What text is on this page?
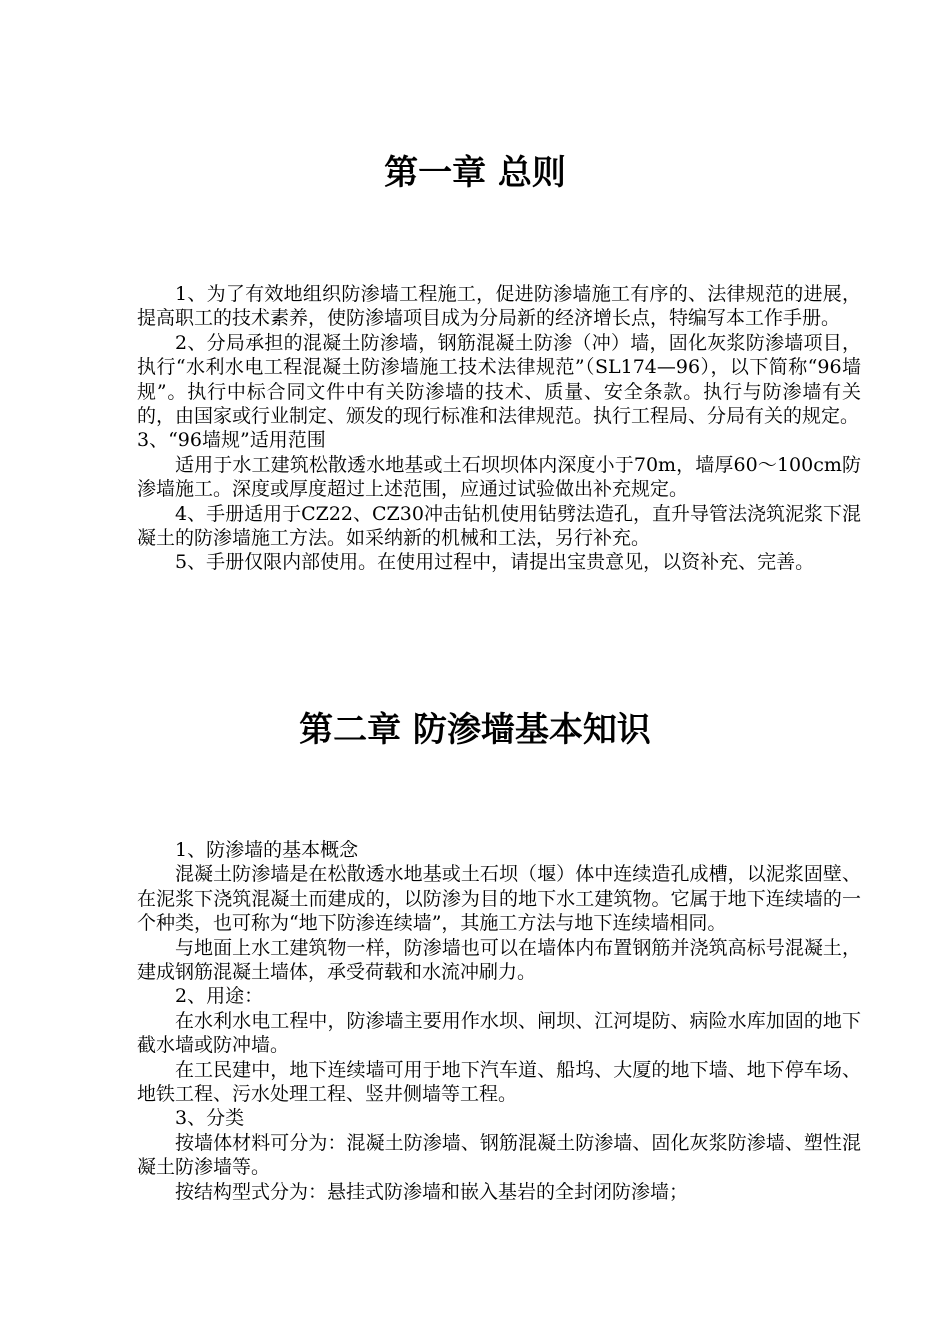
第一章 总则

1、为了有效地组织防渗墙工程施工，促进防渗墙施工有序的、法律规范的进展，提高职工的技术素养，使防渗墙项目成为分局新的经济增长点，特编写本工作手册。

2、分局承担的混凝土防渗墙，钢筋混凝土防渗（冲）墙，固化灰浆防渗墙项目，执行“水利水电工程混凝土防渗墙施工技术法律规范”（SL174—96），以下简称“96墙规”。执行中标合同文件中有关防渗墙的技术、质量、安全条款。执行与防渗墙有关的，由国家或行业制定、颁发的现行标准和法律规范。执行工程局、分局有关的规定。

3、“96墙规”适用范围

适用于水工建筑松散透水地基或土石坝坝体内深度小于70m，墙厚60～100cm防渗墙施工。深度或厚度超过上述范围，应通过试验做出补充规定。

4、手册适用于CZ22、CZ30冲击钻机使用钻劈法造孔，直升导管法浇筑泥浆下混凝土的防渗墙施工方法。如采纳新的机械和工法，另行补充。

5、手册仅限内部使用。在使用过程中，请提出宝贵意见，以资补充、完善。

第二章 防渗墙基本知识

1、防渗墙的基本概念

混凝土防渗墙是在松散透水地基或土石坝（堰）体中连续造孔成槽，以泥浆固壁、在泥浆下浇筑混凝土而建成的，以防渗为目的地下水工建筑物。它属于地下连续墙的一个种类，也可称为“地下防渗连续墙”，其施工方法与地下连续墙相同。

与地面上水工建筑物一样，防渗墙也可以在墙体内布置钢筋并浇筑高标号混凝土，建成钢筋混凝土墙体，承受荷载和水流冲刷力。

2、用途：

在水利水电工程中，防渗墙主要用作水坝、闸坝、江河堤防、病险水库加固的地下截水墙或防冲墙。

在工民建中，地下连续墙可用于地下汽车道、船坞、大厦的地下墙、地下停车场、地铁工程、污水处理工程、竖井侧墙等工程。

3、分类

按墙体材料可分为：混凝土防渗墙、钢筋混凝土防渗墙、固化灰浆防渗墙、塑性混凝土防渗墙等。

按结构型式分为：悬挂式防渗墙和嵌入基岩的全封闭防渗墙；
